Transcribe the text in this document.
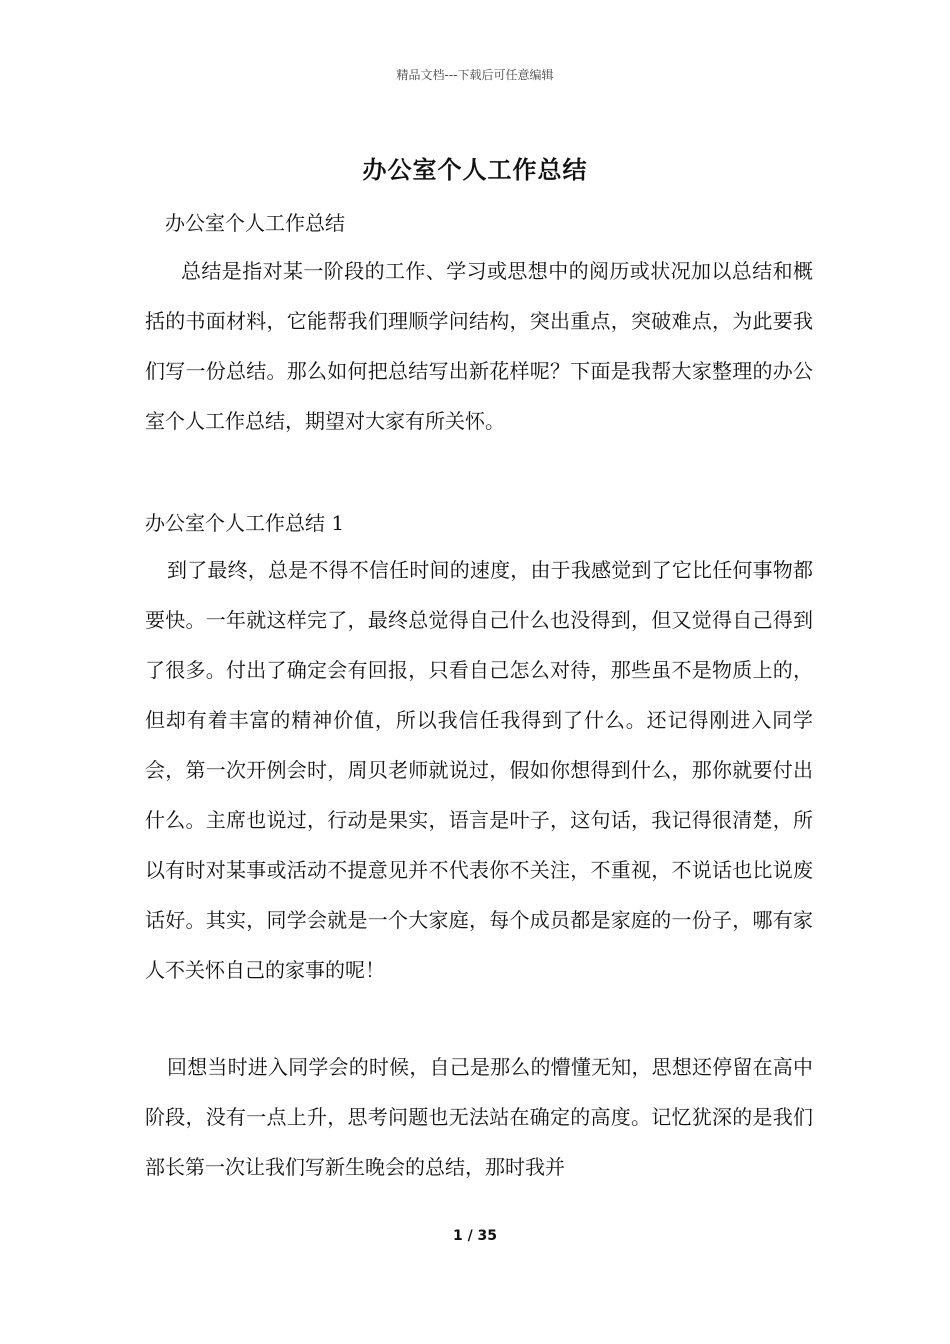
精品文档---下载后可任意编辑
办公室个人工作总结
办公室个人工作总结

总结是指对某一阶段的工作、学习或思想中的阅历或状况加以总结和概括的书面材料，它能帮我们理顺学问结构，突出重点，突破难点，为此要我们写一份总结。那么如何把总结写出新花样呢？下面是我帮大家整理的办公室个人工作总结，期望对大家有所关怀。

办公室个人工作总结 1

到了最终，总是不得不信任时间的速度，由于我感觉到了它比任何事物都要快。一年就这样完了，最终总觉得自己什么也没得到，但又觉得自己得到了很多。付出了确定会有回报，只看自己怎么对待，那些虽不是物质上的，但却有着丰富的精神价值，所以我信任我得到了什么。还记得刚进入同学会，第一次开例会时，周贝老师就说过，假如你想得到什么，那你就要付出什么。主席也说过，行动是果实，语言是叶子，这句话，我记得很清楚，所以有时对某事或活动不提意见并不代表你不关注，不重视，不说话也比说废话好。其实，同学会就是一个大家庭，每个成员都是家庭的一份子，哪有家人不关怀自己的家事的呢！

回想当时进入同学会的时候，自己是那么的懵懂无知，思想还停留在高中阶段，没有一点上升，思考问题也无法站在确定的高度。记忆犹深的是我们部长第一次让我们写新生晚会的总结，那时我并

1 / 35
